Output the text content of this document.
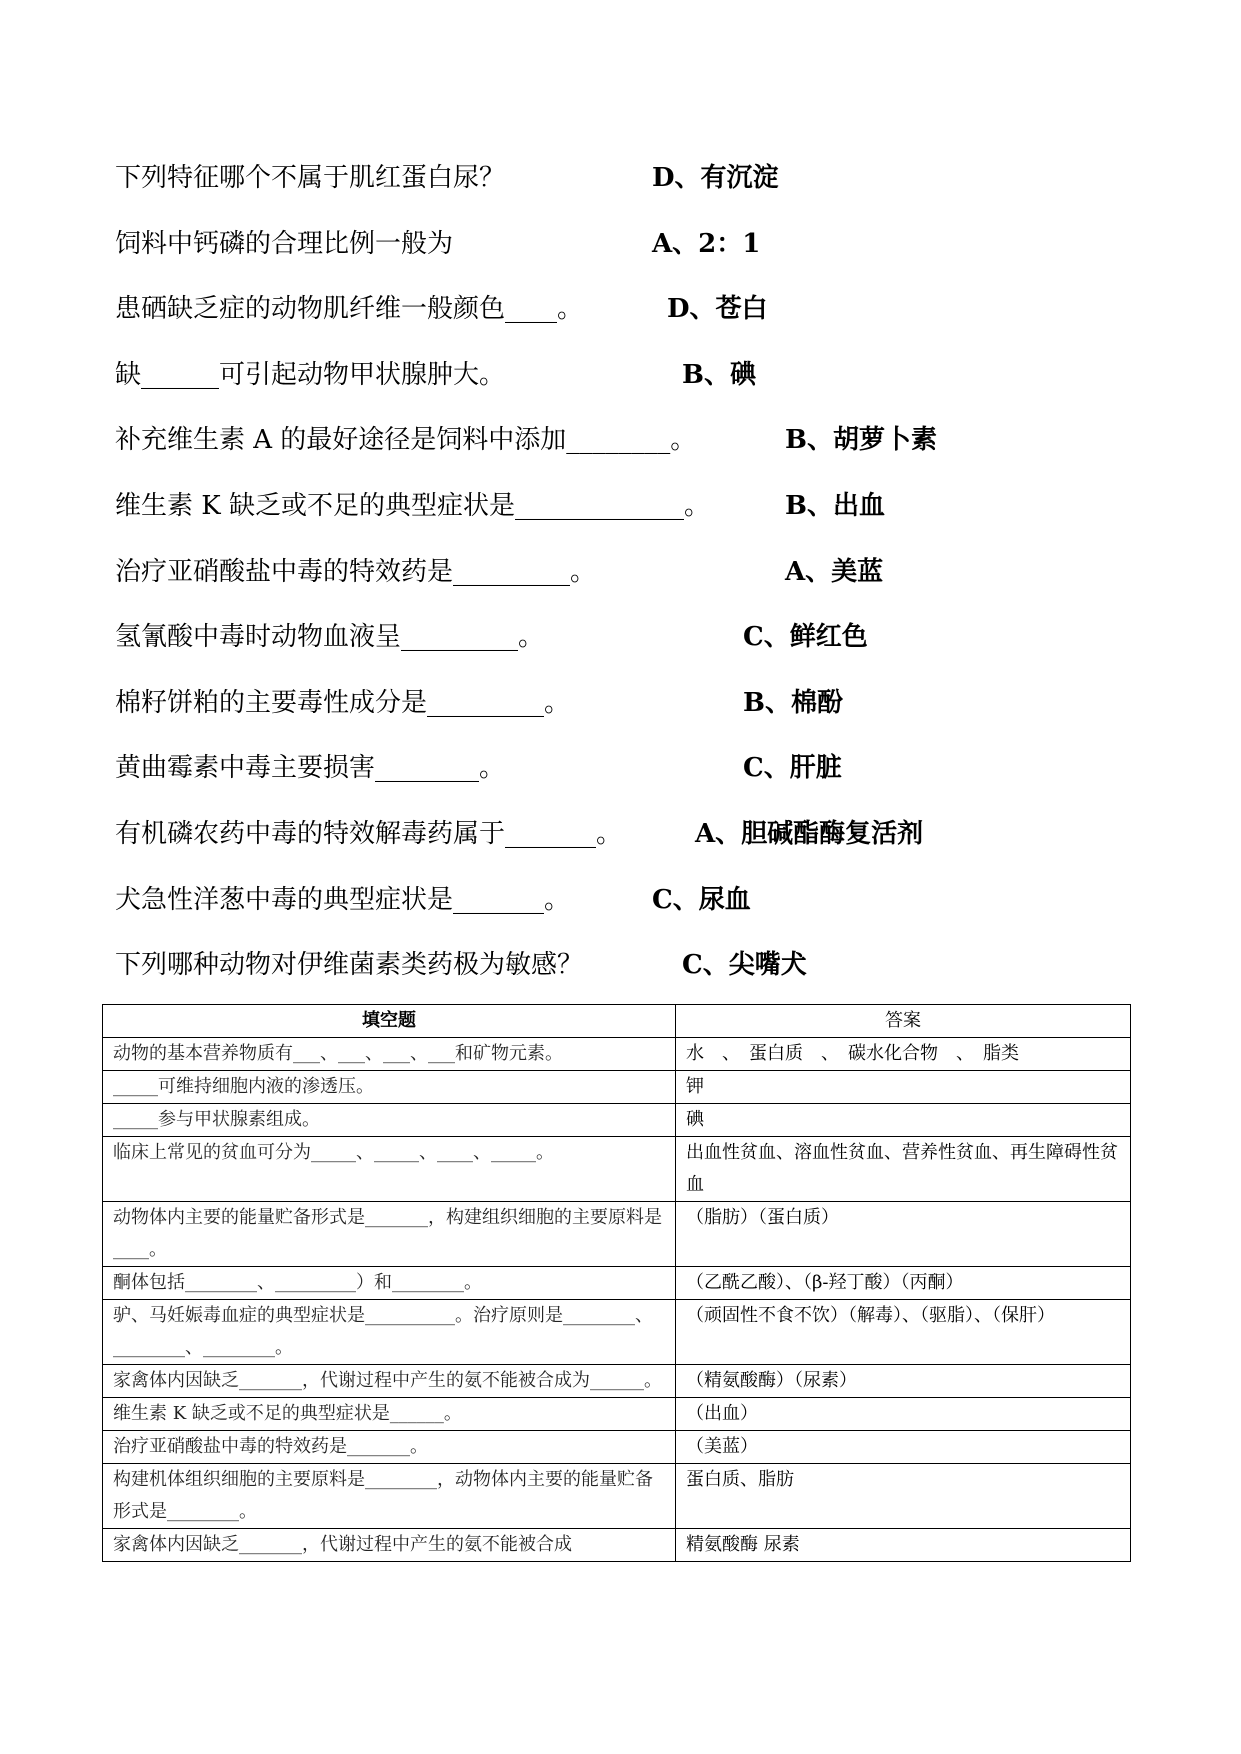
下列特征哪个不属于肌红蛋白尿？	D、有沉淀
饲料中钙磷的合理比例一般为	A、2：1
患硒缺乏症的动物肌纤维一般颜色____。	D、苍白
缺______可引起动物甲状腺肿大。	B、碘
补充维生素 A 的最好途径是饲料中添加________。	B、胡萝卜素
维生素 K 缺乏或不足的典型症状是_____________。	B、出血
治疗亚硝酸盐中毒的特效药是_________。	A、美蓝
氢氰酸中毒时动物血液呈_________。	C、鲜红色
棉籽饼粕的主要毒性成分是_________。	B、棉酚
黄曲霉素中毒主要损害________。	C、肝脏
有机磷农药中毒的特效解毒药属于_______。	A、胆碱酯酶复活剂
犬急性洋葱中毒的典型症状是_______。	C、尿血
下列哪种动物对伊维菌素类药极为敏感？	C、尖嘴犬
填空题	答案
动物的基本营养物质有___、___、___、___和矿物元素。	水　、　蛋白质　、　碳水化合物　、　脂类
_____可维持细胞内液的渗透压。	钾
_____参与甲状腺素组成。	碘
临床上常见的贫血可分为_____、_____、____、_____。	出血性贫血、溶血性贫血、营养性贫血、再生障碍性贫血
动物体内主要的能量贮备形式是_______，构建组织细胞的主要原料是____。	（脂肪）（蛋白质）
酮体包括________、_________）和________。	（乙酰乙酸）、（β-羟丁酸）（丙酮）
驴、马妊娠毒血症的典型症状是__________。治疗原则是________、________、________。	（顽固性不食不饮）（解毒）、（驱脂）、（保肝）
家禽体内因缺乏_______，代谢过程中产生的氨不能被合成为______。	（精氨酸酶）（尿素）
维生素 K 缺乏或不足的典型症状是______。	（出血）
治疗亚硝酸盐中毒的特效药是_______。	（美蓝）
构建机体组织细胞的主要原料是________，动物体内主要的能量贮备形式是________。	蛋白质、脂肪
家禽体内因缺乏_______，代谢过程中产生的氨不能被合成	精氨酸酶 尿素
